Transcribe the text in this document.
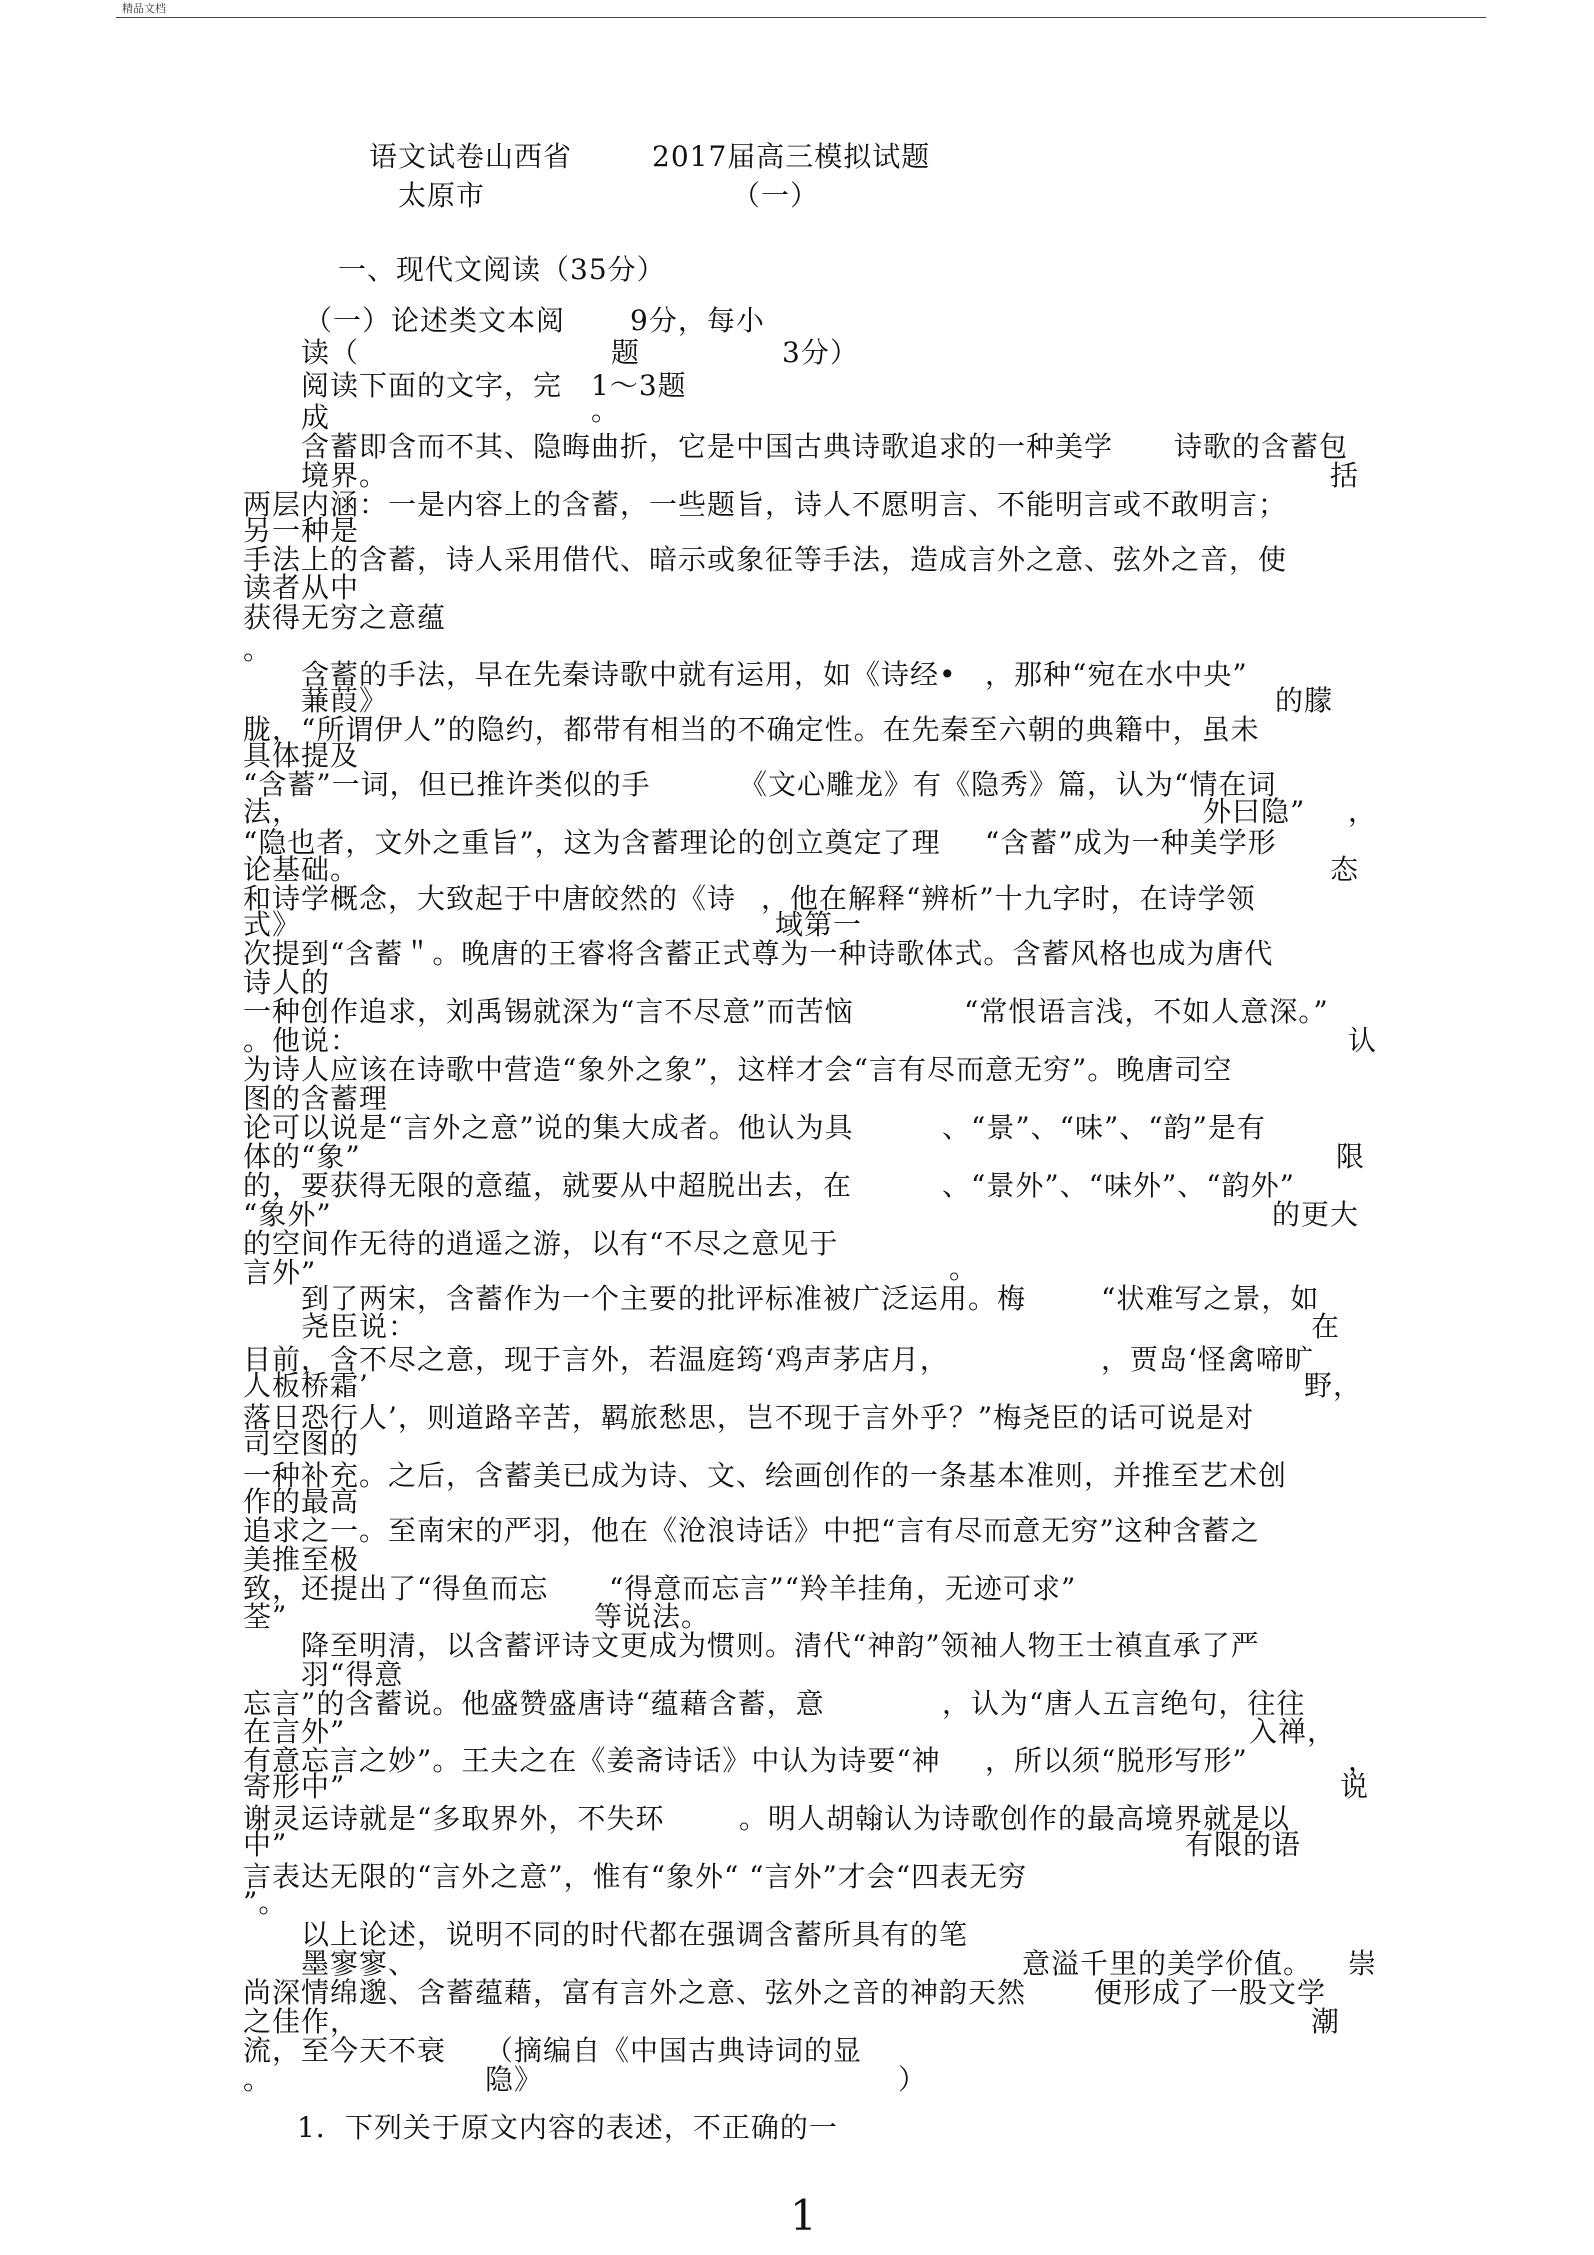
精品文档
语文试卷山西省	2017届高三模拟试题
太原市	（一）
一、现代文阅读（35分）
（一）论述类文本阅 9分，每小
读（	题	3分）
阅读下面的文字，完 1～3题
成	。
含蓄即含而不其、隐晦曲折，它是中国古典诗歌追求的一种美学 诗歌的含蓄包
境界。	括
两层内涵：一是内容上的含蓄，一些题旨，诗人不愿明言、不能明言或不敢明言；
另一种是
手法上的含蓄，诗人采用借代、暗示或象征等手法，造成言外之意、弦外之音，使
读者从中
获得无穷之意蕴
。
含蓄的手法，早在先秦诗歌中就有运用，如《诗经• ，那种“宛在水中央”
蒹葭》	的朦
胧，“所谓伊人”的隐约，都带有相当的不确定性。在先秦至六朝的典籍中，虽未
具体提及
“含蓄”一词，但已推许类似的手	《文心雕龙》有《隐秀》篇，认为“情在词
法，	外曰隐” ，
“隐也者，文外之重旨”，这为含蓄理论的创立奠定了理 “含蓄”成为一种美学形
论基础。	态
和诗学概念，大致起于中唐皎然的《诗 ，他在解释“辨析”十九字时，在诗学领
式》	域第一
次提到“含蓄＂。晚唐的王睿将含蓄正式尊为一种诗歌体式。含蓄风格也成为唐代
诗人的
一种创作追求，刘禹锡就深为“言不尽意”而苦恼	“常恨语言浅，不如人意深。”
。他说：	认
为诗人应该在诗歌中营造“象外之象”，这样才会“言有尽而意无穷”。晚唐司空
图的含蓄理
论可以说是“言外之意”说的集大成者。他认为具	、“景”、“味”、“韵”是有
体的“象”	限
的，要获得无限的意蕴，就要从中超脱出去，在	、“景外”、“味外”、“韵外”
“象外”	的更大
的空间作无待的逍遥之游，以有“不尽之意见于
言外”	。
到了两宋，含蓄作为一个主要的批评标准被广泛运用。梅	“状难写之景，如
尧臣说：	在
目前，含不尽之意，现于言外，若温庭筠‘鸡声茅店月，	，贾岛‘怪禽啼旷
人板桥霜’	野，
落日恐行人’，则道路辛苦，羁旅愁思，岂不现于言外乎？”梅尧臣的话可说是对
司空图的
一种补充。之后，含蓄美已成为诗、文、绘画创作的一条基本准则，并推至艺术创
作的最高
追求之一。至南宋的严羽，他在《沧浪诗话》中把“言有尽而意无穷”这种含蓄之
美推至极
致，还提出了“得鱼而忘 “得意而忘言”“羚羊挂角，无迹可求”
荃”	等说法。
降至明清，以含蓄评诗文更成为惯则。清代“神韵”领袖人物王士禛直承了严
羽“得意
忘言”的含蓄说。他盛赞盛唐诗“蕴藉含蓄，意	，认为“唐人五言绝句，往往
在言外”	入禅，
有意忘言之妙”。王夫之在《姜斋诗话》中认为诗要“神 ，所以须“脱形写形”	，
寄形中”	说
谢灵运诗就是“多取界外，不失环	。明人胡翰认为诗歌创作的最高境界就是以
中”	有限的语
言表达无限的“言外之意”，惟有“象外“ “言外”才会“四表无穷
”。
以上论述，说明不同的时代都在强调含蓄所具有的笔
墨寥寥、	意溢千里的美学价值。 崇
尚深情绵邈、含蓄蕴藉，富有言外之意、弦外之音的神韵天然 便形成了一股文学
之佳作，	潮
流，至今天不衰 （摘编自《中国古典诗词的显
。	隐》	）
1．下列关于原文内容的表述，不正确的一
1
